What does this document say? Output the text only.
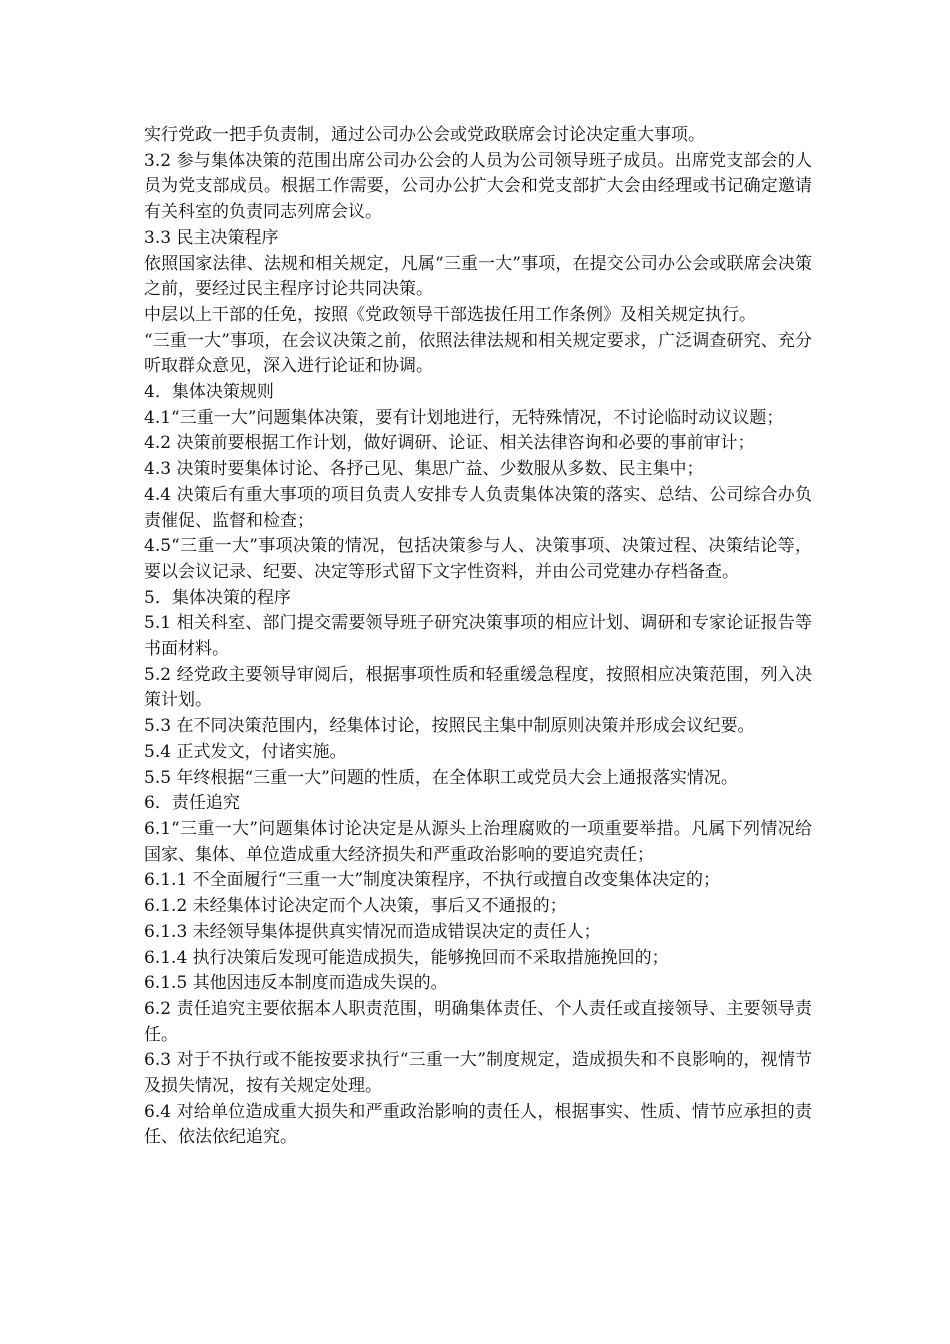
实行党政一把手负责制，通过公司办公会或党政联席会讨论决定重大事项。

3.2 参与集体决策的范围出席公司办公会的人员为公司领导班子成员。出席党支部会的人员为党支部成员。根据工作需要，公司办公扩大会和党支部扩大会由经理或书记确定邀请有关科室的负责同志列席会议。

3.3 民主决策程序

依照国家法律、法规和相关规定，凡属“三重一大”事项，在提交公司办公会或联席会决策之前，要经过民主程序讨论共同决策。

中层以上干部的任免，按照《党政领导干部选拔任用工作条例》及相关规定执行。

“三重一大”事项，在会议决策之前，依照法律法规和相关规定要求，广泛调查研究、充分听取群众意见，深入进行论证和协调。

4．集体决策规则

4.1“三重一大”问题集体决策，要有计划地进行，无特殊情况，不讨论临时动议议题；

4.2 决策前要根据工作计划，做好调研、论证、相关法律咨询和必要的事前审计；

4.3 决策时要集体讨论、各抒己见、集思广益、少数服从多数、民主集中；

4.4 决策后有重大事项的项目负责人安排专人负责集体决策的落实、总结、公司综合办负责催促、监督和检查；

4.5“三重一大”事项决策的情况，包括决策参与人、决策事项、决策过程、决策结论等，要以会议记录、纪要、决定等形式留下文字性资料，并由公司党建办存档备查。

5．集体决策的程序

5.1 相关科室、部门提交需要领导班子研究决策事项的相应计划、调研和专家论证报告等书面材料。

5.2 经党政主要领导审阅后，根据事项性质和轻重缓急程度，按照相应决策范围，列入决策计划。

5.3 在不同决策范围内，经集体讨论，按照民主集中制原则决策并形成会议纪要。

5.4 正式发文，付诸实施。

5.5 年终根据“三重一大”问题的性质，在全体职工或党员大会上通报落实情况。

6．责任追究

6.1“三重一大”问题集体讨论决定是从源头上治理腐败的一项重要举措。凡属下列情况给国家、集体、单位造成重大经济损失和严重政治影响的要追究责任；

6.1.1 不全面履行“三重一大”制度决策程序，不执行或擅自改变集体决定的；

6.1.2 未经集体讨论决定而个人决策，事后又不通报的；

6.1.3 未经领导集体提供真实情况而造成错误决定的责任人；

6.1.4 执行决策后发现可能造成损失，能够挽回而不采取措施挽回的；

6.1.5 其他因违反本制度而造成失误的。

6.2 责任追究主要依据本人职责范围，明确集体责任、个人责任或直接领导、主要领导责任。

6.3 对于不执行或不能按要求执行“三重一大”制度规定，造成损失和不良影响的，视情节及损失情况，按有关规定处理。

6.4 对给单位造成重大损失和严重政治影响的责任人，根据事实、性质、情节应承担的责任、依法依纪追究。
